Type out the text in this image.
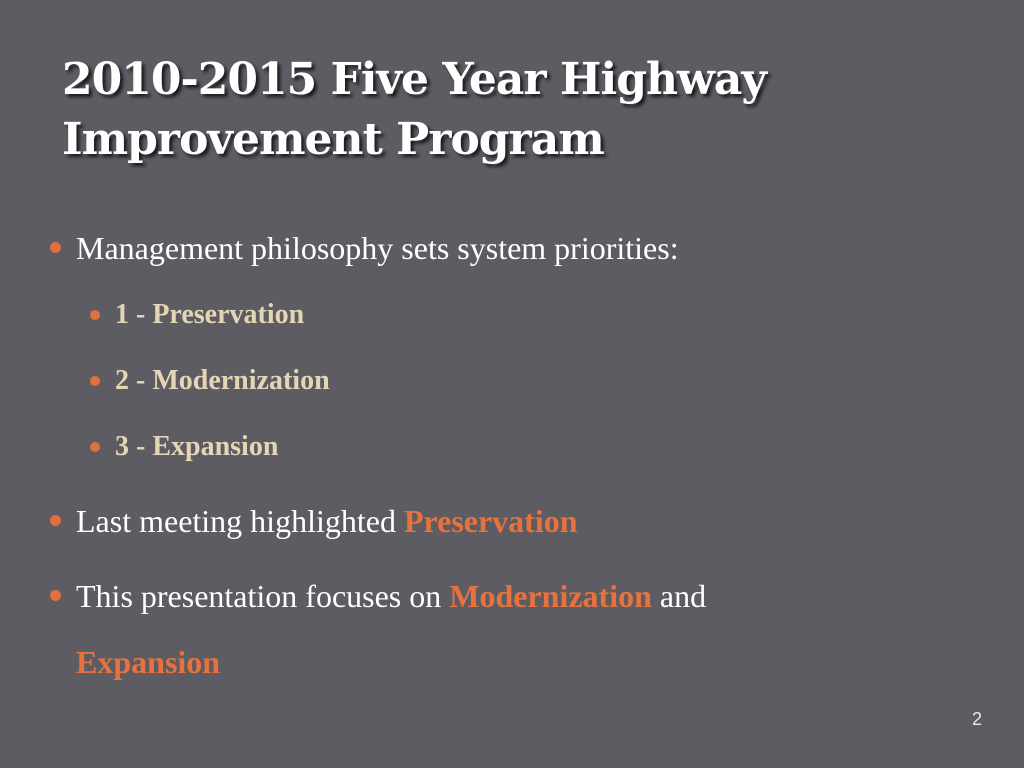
2010-2015 Five Year Highway
Improvement Program
Management philosophy sets system priorities:
1 - Preservation
2 - Modernization
3 - Expansion
Last meeting highlighted Preservation
This presentation focuses on Modernization and
Expansion
2
